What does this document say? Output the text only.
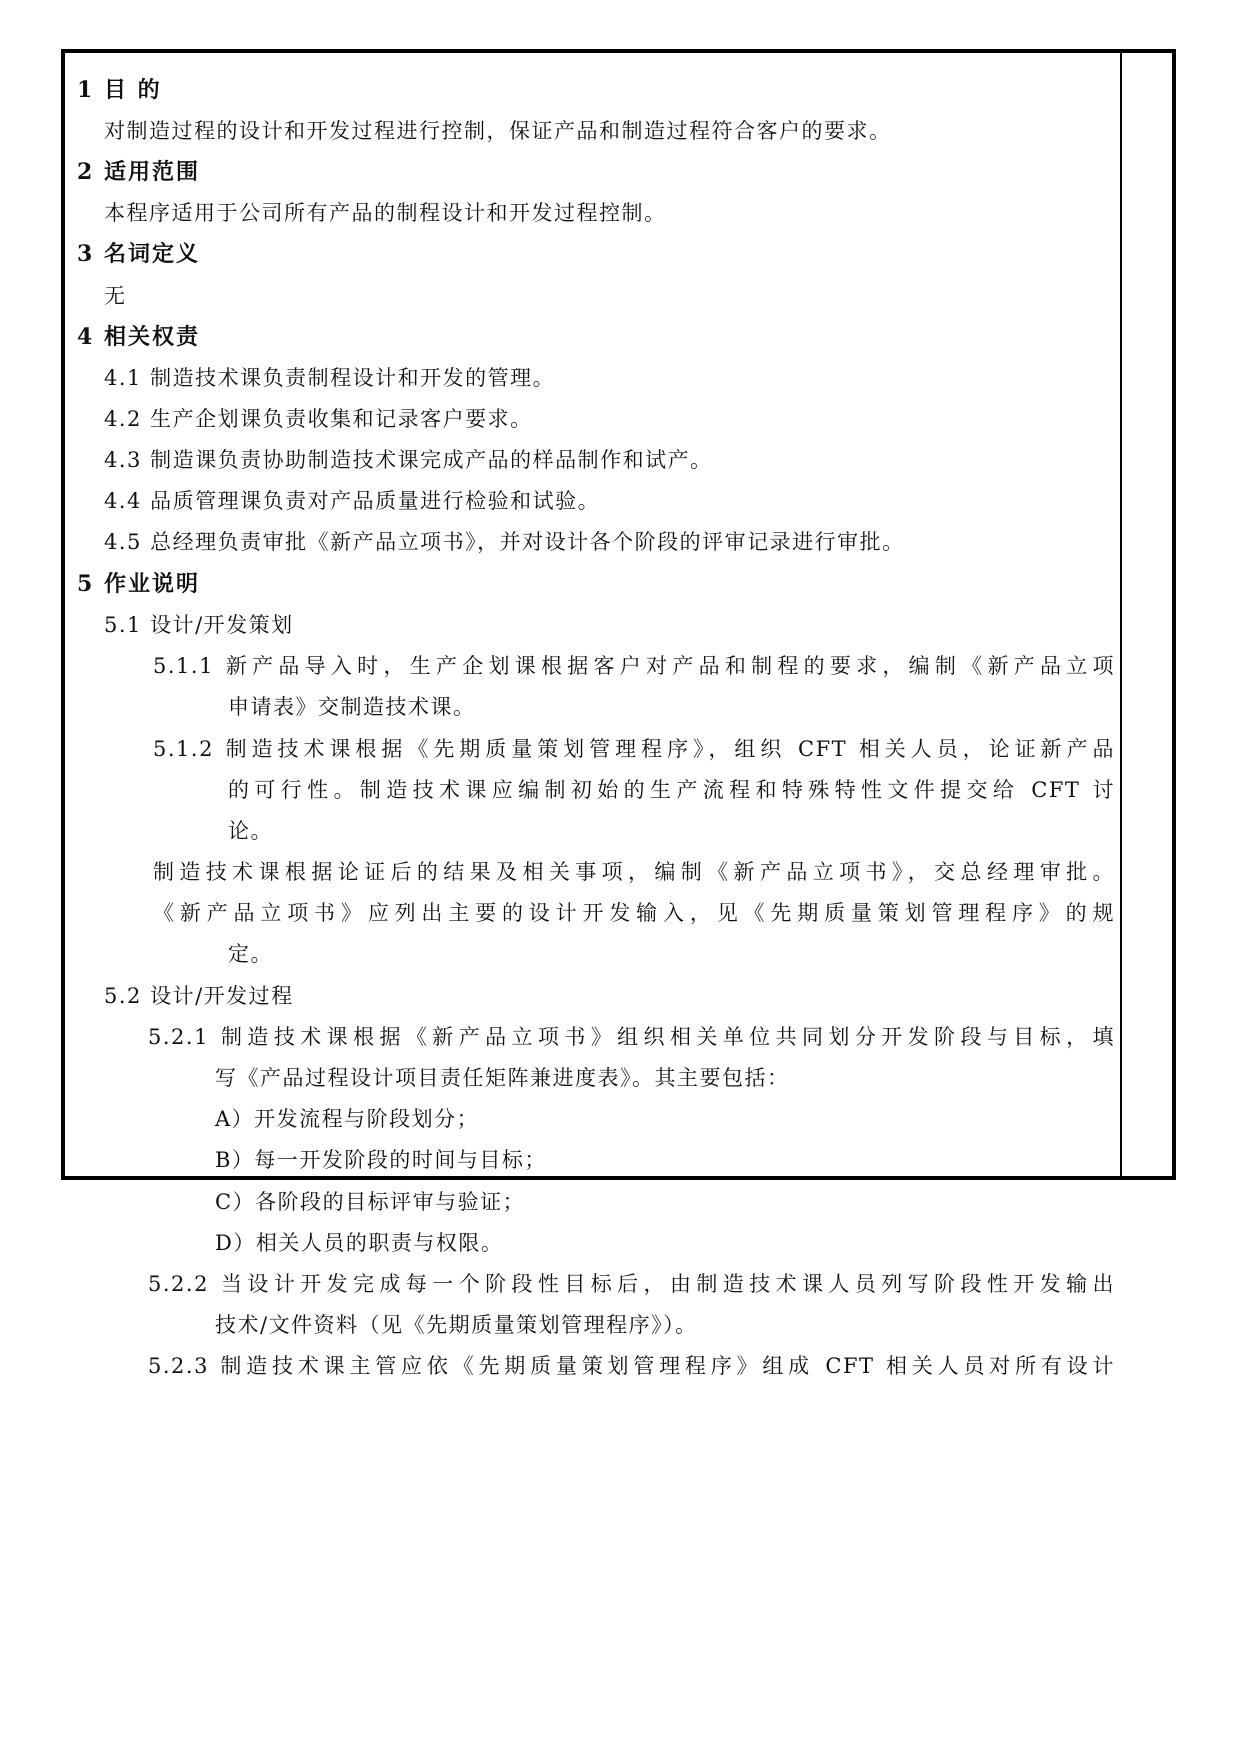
1 目 的
对制造过程的设计和开发过程进行控制，保证产品和制造过程符合客户的要求。
2 适用范围
本程序适用于公司所有产品的制程设计和开发过程控制。
3 名词定义
无
4 相关权责
4.1 制造技术课负责制程设计和开发的管理。
4.2 生产企划课负责收集和记录客户要求。
4.3 制造课负责协助制造技术课完成产品的样品制作和试产。
4.4 品质管理课负责对产品质量进行检验和试验。
4.5 总经理负责审批《新产品立项书》，并对设计各个阶段的评审记录进行审批。
5 作业说明
5.1 设计/开发策划
5.1.1 新产品导入时，生产企划课根据客户对产品和制程的要求，编制《新产品立项
申请表》交制造技术课。
5.1.2 制造技术课根据《先期质量策划管理程序》，组织 CFT 相关人员，论证新产品
的可行性。制造技术课应编制初始的生产流程和特殊特性文件提交给 CFT 讨
论。
制造技术课根据论证后的结果及相关事项，编制《新产品立项书》，交总经理审批。
《新产品立项书》应列出主要的设计开发输入，见《先期质量策划管理程序》的规
定。
5.2 设计/开发过程
5.2.1 制造技术课根据《新产品立项书》组织相关单位共同划分开发阶段与目标，填
写《产品过程设计项目责任矩阵兼进度表》。其主要包括：
A）开发流程与阶段划分；
B）每一开发阶段的时间与目标；
C）各阶段的目标评审与验证；
D）相关人员的职责与权限。
5.2.2 当设计开发完成每一个阶段性目标后，由制造技术课人员列写阶段性开发输出
技术/文件资料（见《先期质量策划管理程序》）。
5.2.3 制造技术课主管应依《先期质量策划管理程序》组成 CFT 相关人员对所有设计
